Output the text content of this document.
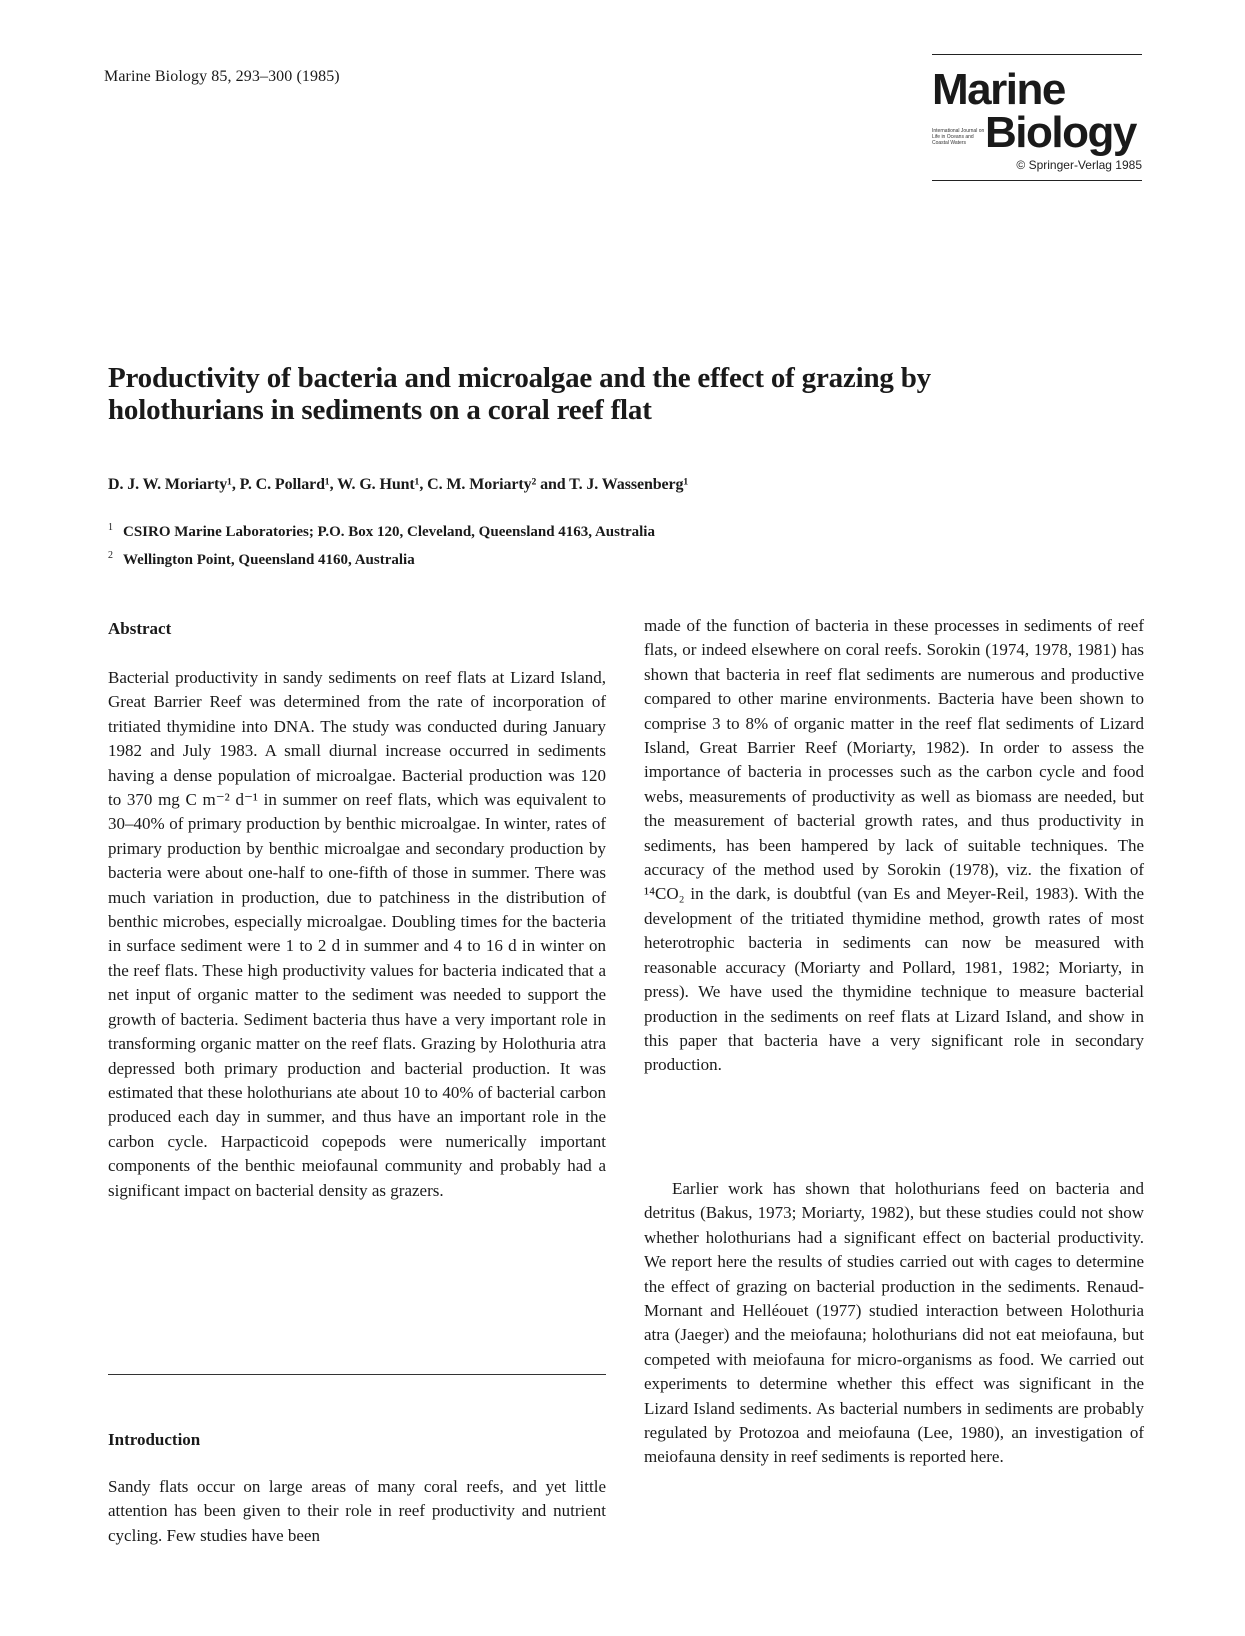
Marine Biology 85, 293–300 (1985)	Marine
International Journal on Life in Oceans and Coastal Waters Biology
© Springer-Verlag 1985
Productivity of bacteria and microalgae and the effect of grazing by holothurians in sediments on a coral reef flat
D. J. W. Moriarty¹, P. C. Pollard¹, W. G. Hunt¹, C. M. Moriarty² and T. J. Wassenberg¹
$^1$ CSIRO Marine Laboratories; P.O. Box 120, Cleveland, Queensland 4163, Australia
$^2$ Wellington Point, Queensland 4160, Australia
Abstract

Bacterial productivity in sandy sediments on reef flats at Lizard Island, Great Barrier Reef was determined from the rate of incorporation of tritiated thymidine into DNA. The study was conducted during January 1982 and July 1983. A small diurnal increase occurred in sediments having a dense population of microalgae. Bacterial production was 120 to 370 mg C m⁻² d⁻¹ in summer on reef flats, which was equivalent to 30–40% of primary production by benthic microalgae. In winter, rates of primary production by benthic microalgae and secondary production by bacteria were about one-half to one-fifth of those in summer. There was much variation in production, due to patchiness in the distribution of benthic microbes, especially microalgae. Doubling times for the bacteria in surface sediment were 1 to 2 d in summer and 4 to 16 d in winter on the reef flats. These high productivity values for bacteria indicated that a net input of organic matter to the sediment was needed to support the growth of bacteria. Sediment bacteria thus have a very important role in transforming organic matter on the reef flats. Grazing by Holothuria atra depressed both primary production and bacterial production. It was estimated that these holothurians ate about 10 to 40% of bacterial carbon produced each day in summer, and thus have an important role in the carbon cycle. Harpacticoid copepods were numerically important components of the benthic meiofaunal community and probably had a significant impact on bacterial density as grazers.

Introduction

Sandy flats occur on large areas of many coral reefs, and yet little attention has been given to their role in reef productivity and nutrient cycling. Few studies have been

made of the function of bacteria in these processes in sediments of reef flats, or indeed elsewhere on coral reefs. Sorokin (1974, 1978, 1981) has shown that bacteria in reef flat sediments are numerous and productive compared to other marine environments. Bacteria have been shown to comprise 3 to 8% of organic matter in the reef flat sediments of Lizard Island, Great Barrier Reef (Moriarty, 1982). In order to assess the importance of bacteria in processes such as the carbon cycle and food webs, measurements of productivity as well as biomass are needed, but the measurement of bacterial growth rates, and thus productivity in sediments, has been hampered by lack of suitable techniques. The accuracy of the method used by Sorokin (1978), viz. the fixation of ¹⁴CO₂ in the dark, is doubtful (van Es and Meyer-Reil, 1983). With the development of the tritiated thymidine method, growth rates of most heterotrophic bacteria in sediments can now be measured with reasonable accuracy (Moriarty and Pollard, 1981, 1982; Moriarty, in press). We have used the thymidine technique to measure bacterial production in the sediments on reef flats at Lizard Island, and show in this paper that bacteria have a very significant role in secondary production.

Earlier work has shown that holothurians feed on bacteria and detritus (Bakus, 1973; Moriarty, 1982), but these studies could not show whether holothurians had a significant effect on bacterial productivity. We report here the results of studies carried out with cages to determine the effect of grazing on bacterial production in the sediments. Renaud-Mornant and Helléouet (1977) studied interaction between Holothuria atra (Jaeger) and the meiofauna; holothurians did not eat meiofauna, but competed with meiofauna for micro-organisms as food. We carried out experiments to determine whether this effect was significant in the Lizard Island sediments. As bacterial numbers in sediments are probably regulated by Protozoa and meiofauna (Lee, 1980), an investigation of meiofauna density in reef sediments is reported here.
